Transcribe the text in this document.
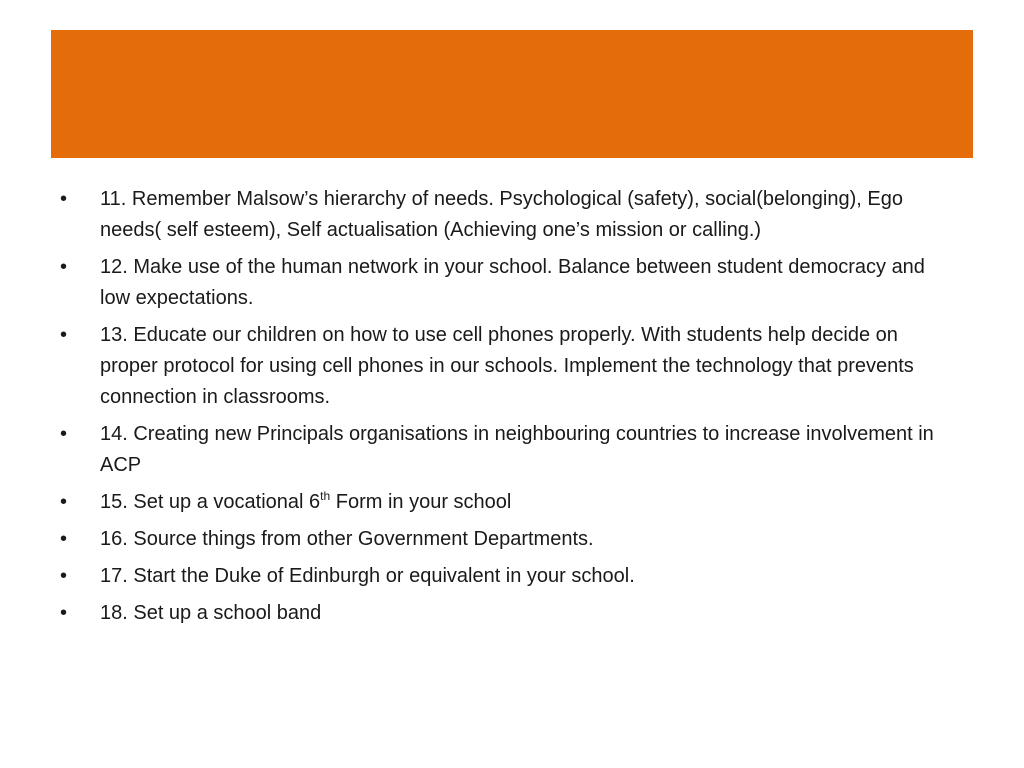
•	11. Remember Malsow’s hierarchy of needs. Psychological (safety), social(belonging), Ego needs( self esteem), Self actualisation (Achieving one’s mission or calling.)
•	12. Make use of the human network in your school. Balance between student democracy and low expectations.
•	13. Educate our children on how to use cell phones properly. With students help decide on proper protocol for using cell phones in our schools. Implement the technology that prevents connection in classrooms.
•	14. Creating new Principals organisations in neighbouring countries to increase involvement in ACP
•	15. Set up a vocational 6th Form in your school
•	16. Source things from other Government Departments.
•	17. Start the Duke of Edinburgh or equivalent in your school.
•	18. Set up a school band
